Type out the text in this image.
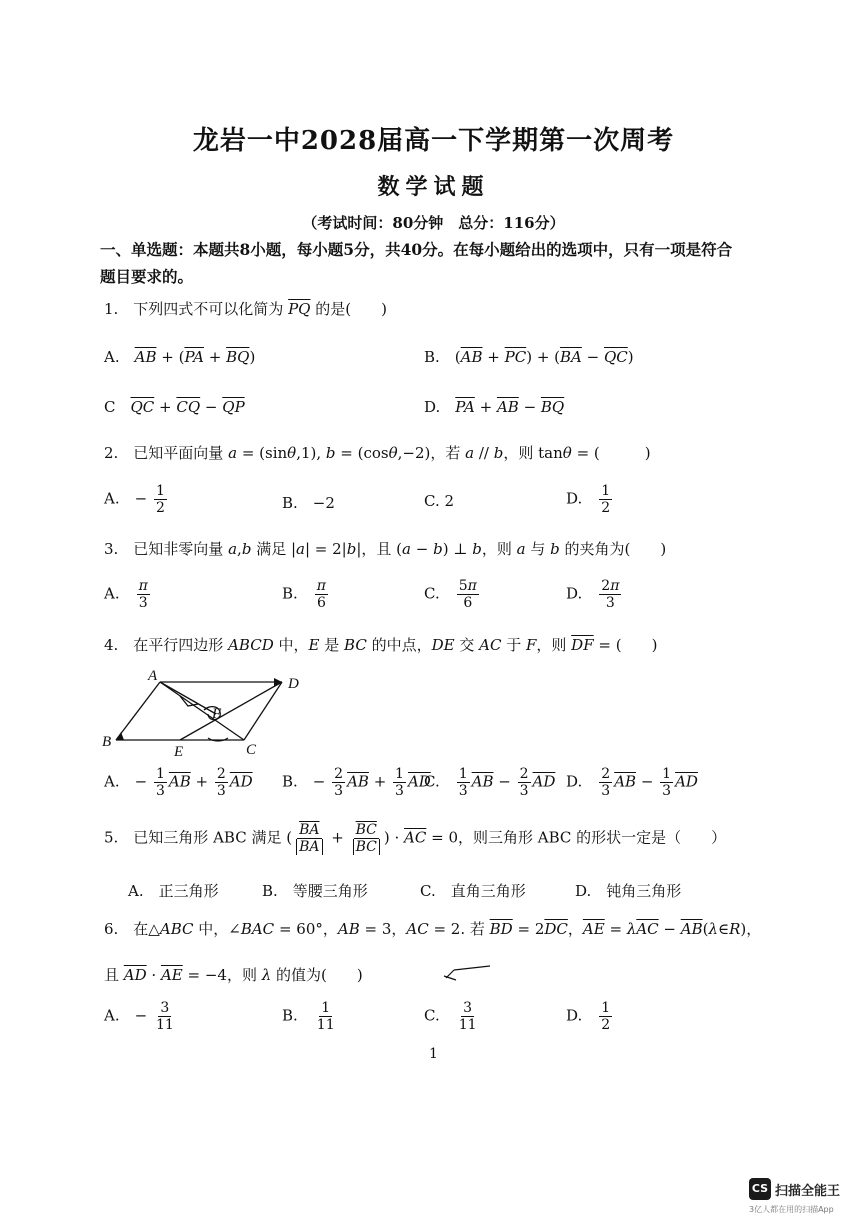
龙岩一中2028届高一下学期第一次周考
数学试题
（考试时间：80分钟　总分：116分）
一、单选题：本题共8小题，每小题5分，共40分。在每小题给出的选项中，只有一项是符合题目要求的。
1.　下列四式不可以化简为 $\overline{PQ}$ 的是(　　)
A.　$\overline{AB} + (\overline{PA} + \overline{BQ})$	B.　$(\overline{AB} + \overline{PC}) + (\overline{BA} - \overline{QC})$
C　$\overline{QC} + \overline{CQ} - \overline{QP}$	D.　$\overline{PA} + \overline{AB} - \overline{BQ}$
2.　已知平面向量 a = (sinθ,1), b = (cosθ,−2)，若 a // b，则 tanθ = (　　　)
A.　− $\frac{1}{2}$	B.　−2	C. 2	D.　 $\frac{1}{2}$
3.　已知非零向量 a,b 满足 |a| = 2|b|，且 (a − b) ⊥ b，则 a 与 b 的夹角为(　　)
A.　 $\frac{\pi}{3}$	B.　 $\frac{\pi}{6}$	C.　 $\frac{5\pi}{6}$	D.　 $\frac{2\pi}{3}$
4.　在平行四边形 ABCD 中，E 是 BC 的中点，DE 交 AC 于 F，则 $\overline{DF}$ = (　　)
A	D
B	C
E
F
A.　− $\frac{1}{3} \overline{AB} + \frac{2}{3} \overline{AD}$ B.　− $\frac{2}{3} \overline{AB} + \frac{1}{3} \overline{AD}$
C.　 $\frac{1}{3} \overline{AB} - \frac{2}{3} \overline{AD}$ D.　 $\frac{2}{3} \overline{AB} - \frac{1}{3} \overline{AD}$
5.　已知三角形 ABC 满足 ( $\frac{\overline{BA}}{BA} + \frac{\overline{BC}}{BC}$ ) · $\overline{AC} = 0$，则三角形 ABC 的形状一定是（　　）
A.　正三角形	B.　等腰三角形	C.　直角三角形	D.　钝角三角形
6.　在△ABC 中，∠BAC = 60°，AB = 3，AC = 2. 若 $\overline{BD} = 2\overline{DC}$，$\overline{AE} = \lambda\overline{AC}$ − $\overline{AB}(\lambda\in R)$，
且 $\overline{AD} \cdot \overline{AE} = -4$，则 λ 的值为(　　)
A.　− $\frac{3}{11}$	B.　 $\frac{1}{11}$	C.　 $\frac{3}{11}$	D.　 $\frac{1}{2}$
1
CS 扫描全能王
3亿人都在用的扫描App
